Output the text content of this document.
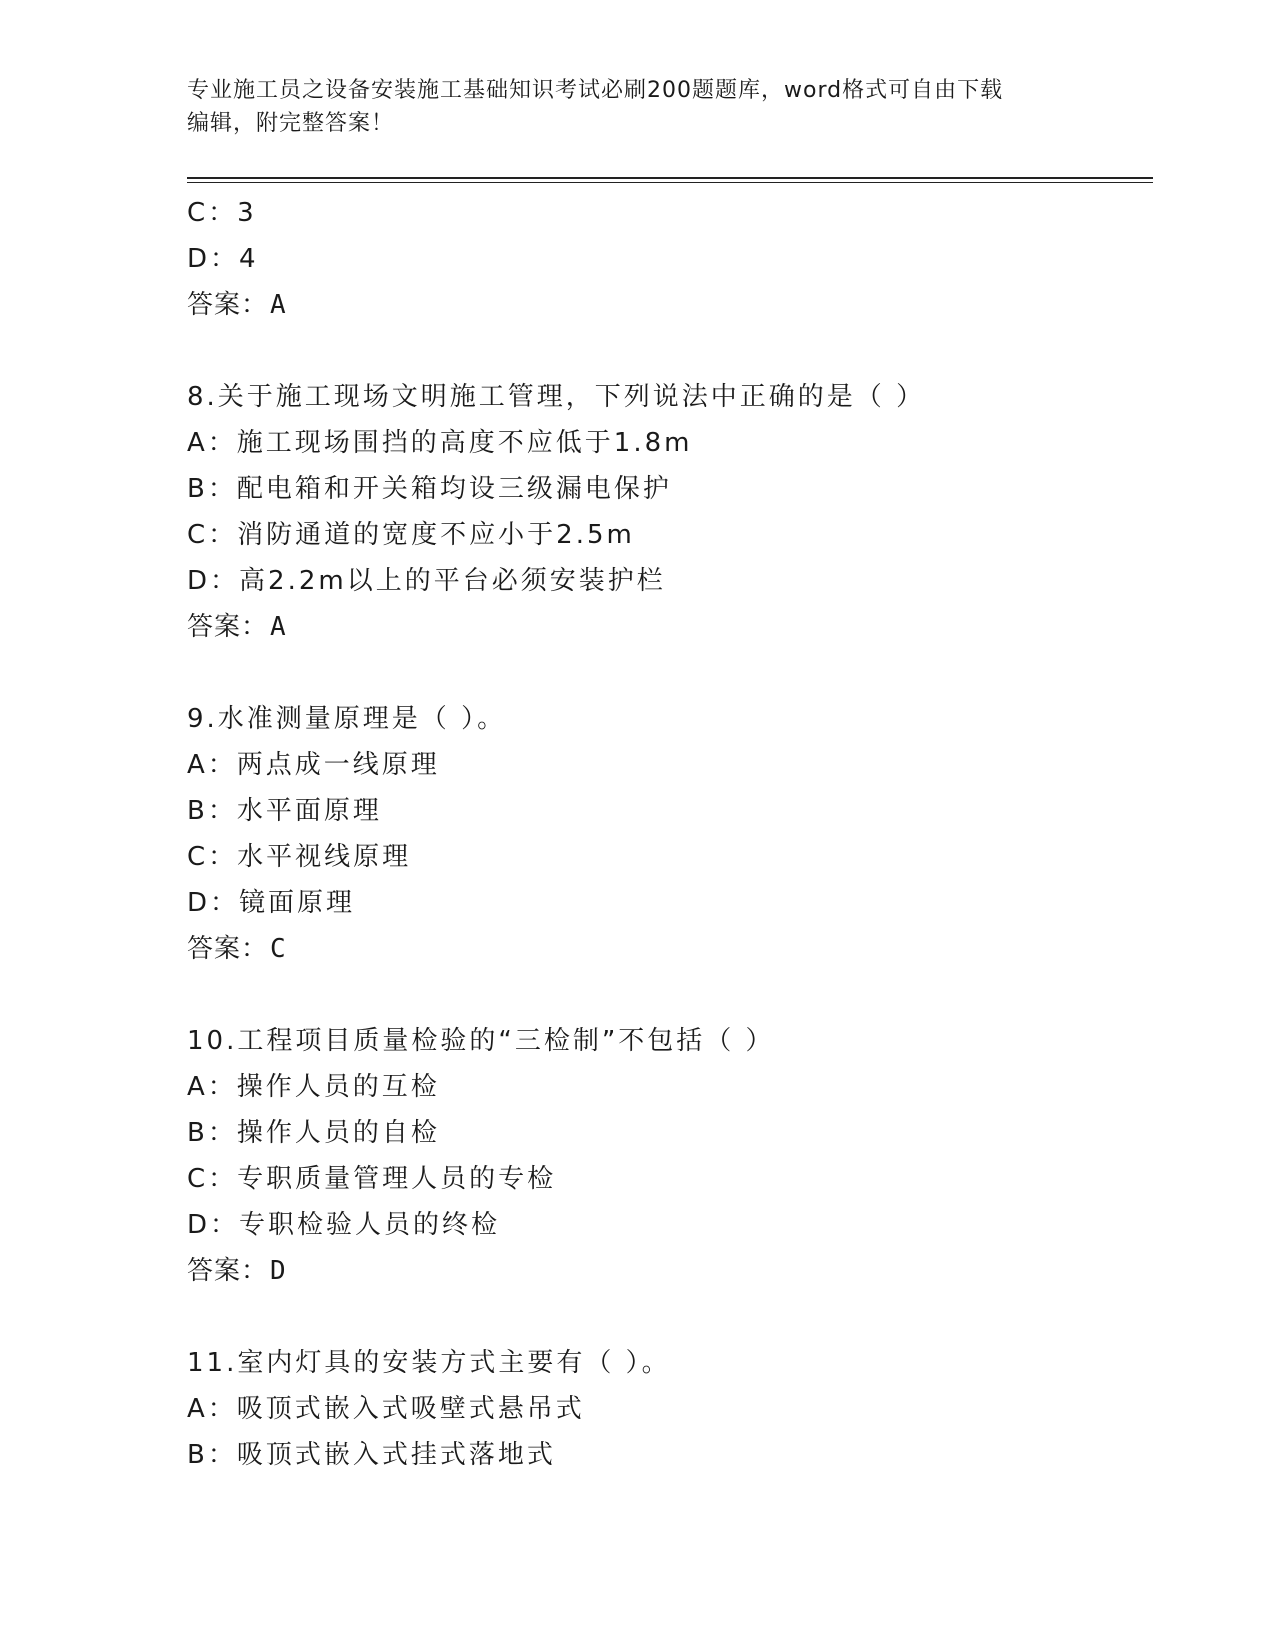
专业施工员之设备安装施工基础知识考试必刷200题题库，word格式可自由下载
编辑，附完整答案！
C：3
D：4
答案：A
8.关于施工现场文明施工管理，下列说法中正确的是（ ）
A：施工现场围挡的高度不应低于1.8m
B：配电箱和开关箱均设三级漏电保护
C：消防通道的宽度不应小于2.5m
D：高2.2m以上的平台必须安装护栏
答案：A
9.水准测量原理是（ ）。
A：两点成一线原理
B：水平面原理
C：水平视线原理
D：镜面原理
答案：C
10.工程项目质量检验的“三检制”不包括（ ）
A：操作人员的互检
B：操作人员的自检
C：专职质量管理人员的专检
D：专职检验人员的终检
答案：D
11.室内灯具的安装方式主要有（ ）。
A：吸顶式嵌入式吸壁式悬吊式
B：吸顶式嵌入式挂式落地式
